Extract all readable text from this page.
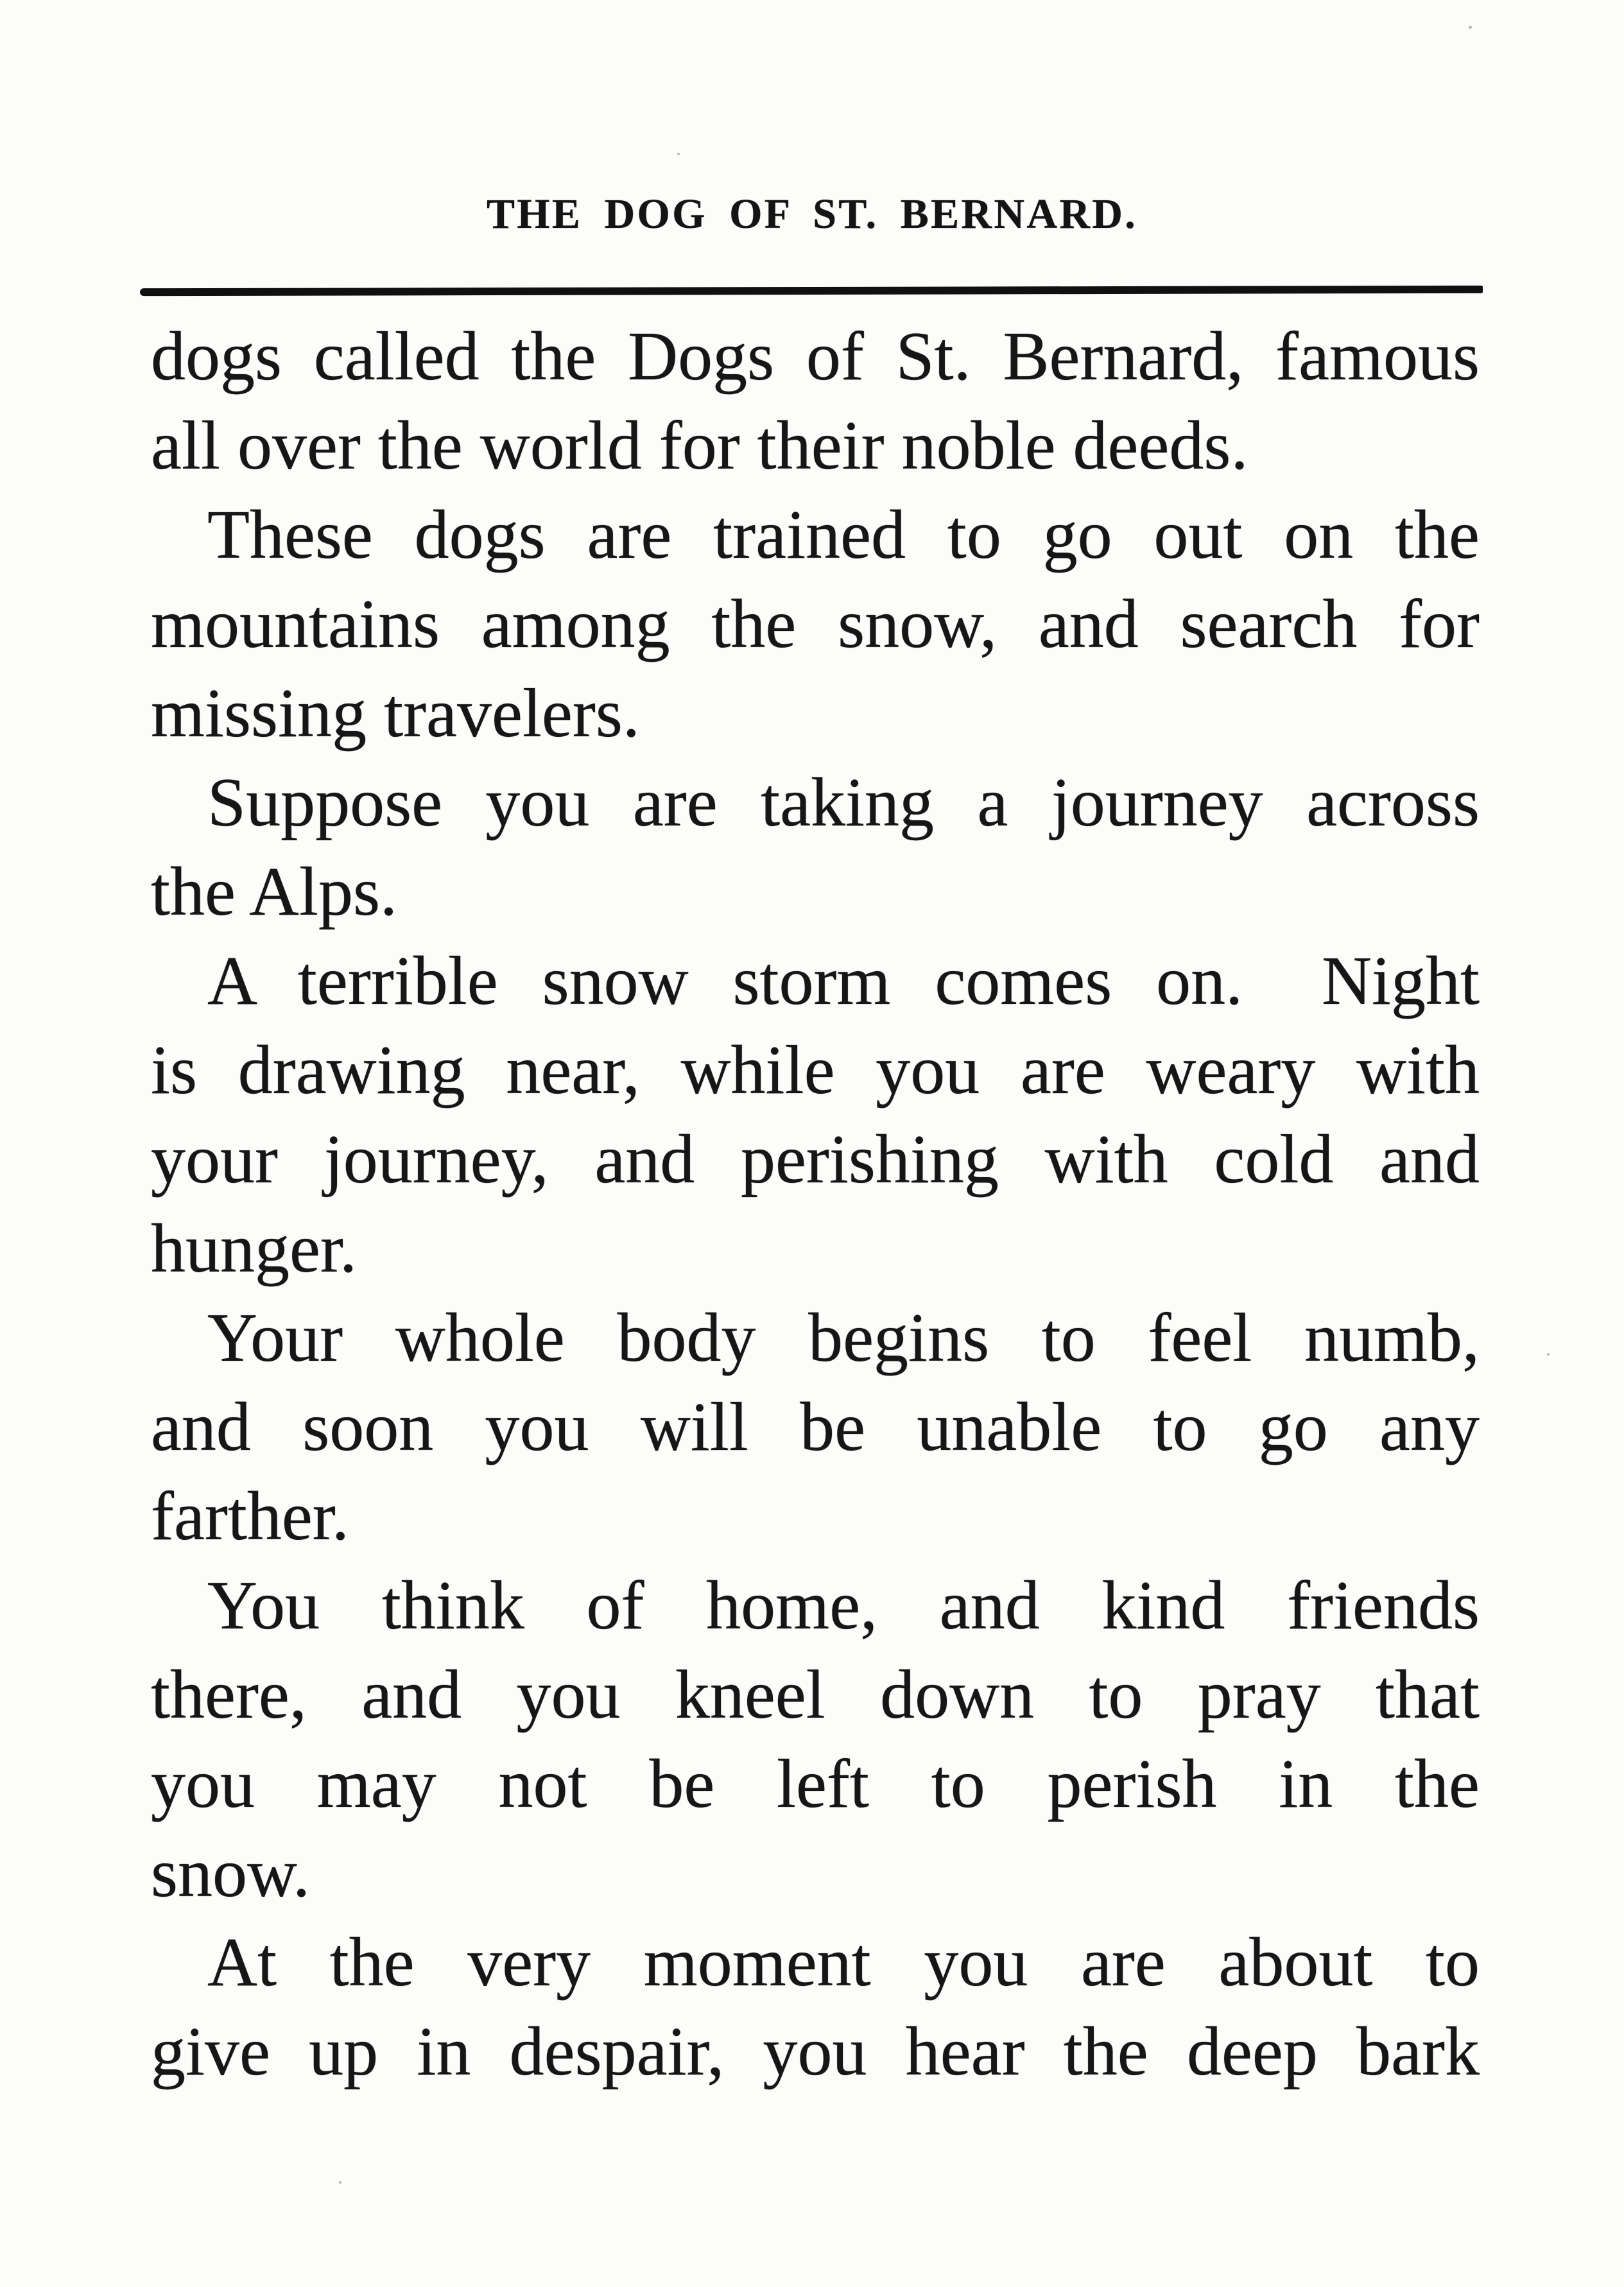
THE DOG OF ST. BERNARD.
dogs called the Dogs of St. Bernard, famous
all over the world for their noble deeds.
These dogs are trained to go out on the
mountains among the snow, and search for
missing travelers.
Suppose you are taking a journey across
the Alps.
A terrible snow storm comes on.  Night
is drawing near, while you are weary with
your journey, and perishing with cold and
hunger.
Your whole body begins to feel numb,
and soon you will be unable to go any
farther.
You think of home, and kind friends
there, and you kneel down to pray that
you may not be left to perish in the
snow.
At the very moment you are about to
give up in despair, you hear the deep bark
